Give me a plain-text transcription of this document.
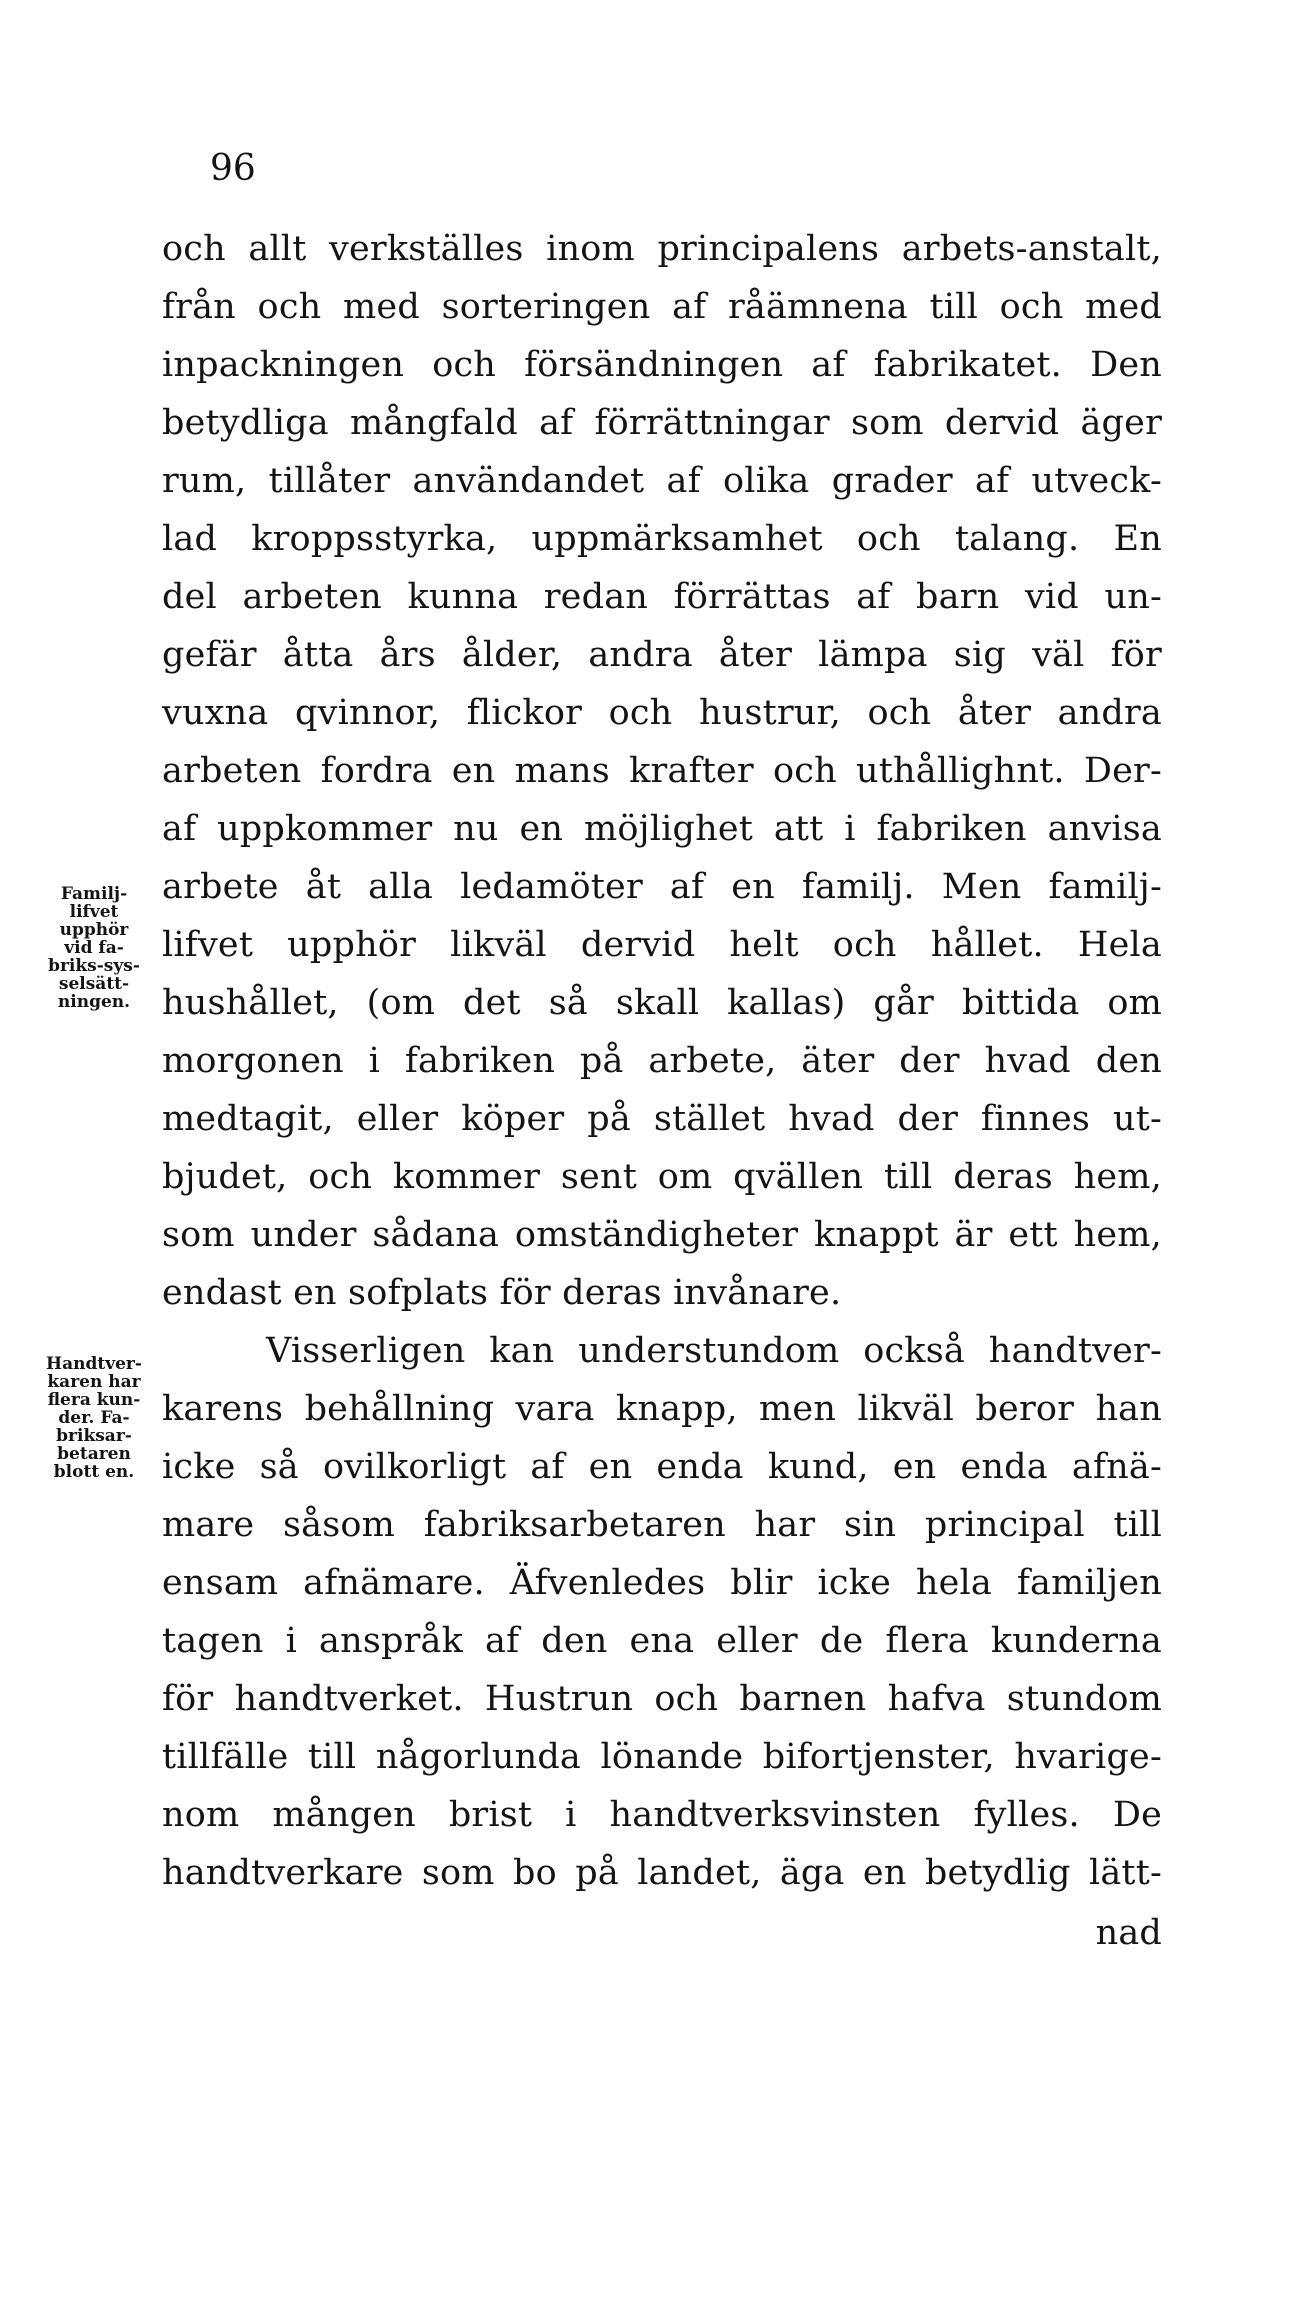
96
och allt verkställes inom principalens arbets-anstalt,
från och med sorteringen af råämnena till och med
inpackningen och försändningen af fabrikatet. Den
betydliga mångfald af förrättningar som dervid äger
rum, tillåter användandet af olika grader af utveck-
lad kroppsstyrka, uppmärksamhet och talang. En
del arbeten kunna redan förrättas af barn vid un-
gefär åtta års ålder, andra åter lämpa sig väl för
vuxna qvinnor, flickor och hustrur, och åter andra
arbeten fordra en mans krafter och uthållighnt. Der-
af uppkommer nu en möjlighet att i fabriken anvisa
arbete åt alla ledamöter af en familj. Men familj-
lifvet upphör likväl dervid helt och hållet. Hela
hushållet, (om det så skall kallas) går bittida om
morgonen i fabriken på arbete, äter der hvad den
medtagit, eller köper på stället hvad der finnes ut-
bjudet, och kommer sent om qvällen till deras hem,
som under sådana omständigheter knappt är ett hem,
endast en sofplats för deras invånare.
Visserligen kan understundom också handtver-
karens behållning vara knapp, men likväl beror han
icke så ovilkorligt af en enda kund, en enda afnä-
mare såsom fabriksarbetaren har sin principal till
ensam afnämare. Äfvenledes blir icke hela familjen
tagen i anspråk af den ena eller de flera kunderna
för handtverket. Hustrun och barnen hafva stundom
tillfälle till någorlunda lönande bifortjenster, hvarige-
nom mången brist i handtverksvinsten fylles. De
handtverkare som bo på landet, äga en betydlig lätt-
nad
Familj-
lifvet
upphör
vid fa-
briks-sys-
selsätt-
ningen.
Handtver-
karen har
flera kun-
der. Fa-
briksar-
betaren
blott en.
